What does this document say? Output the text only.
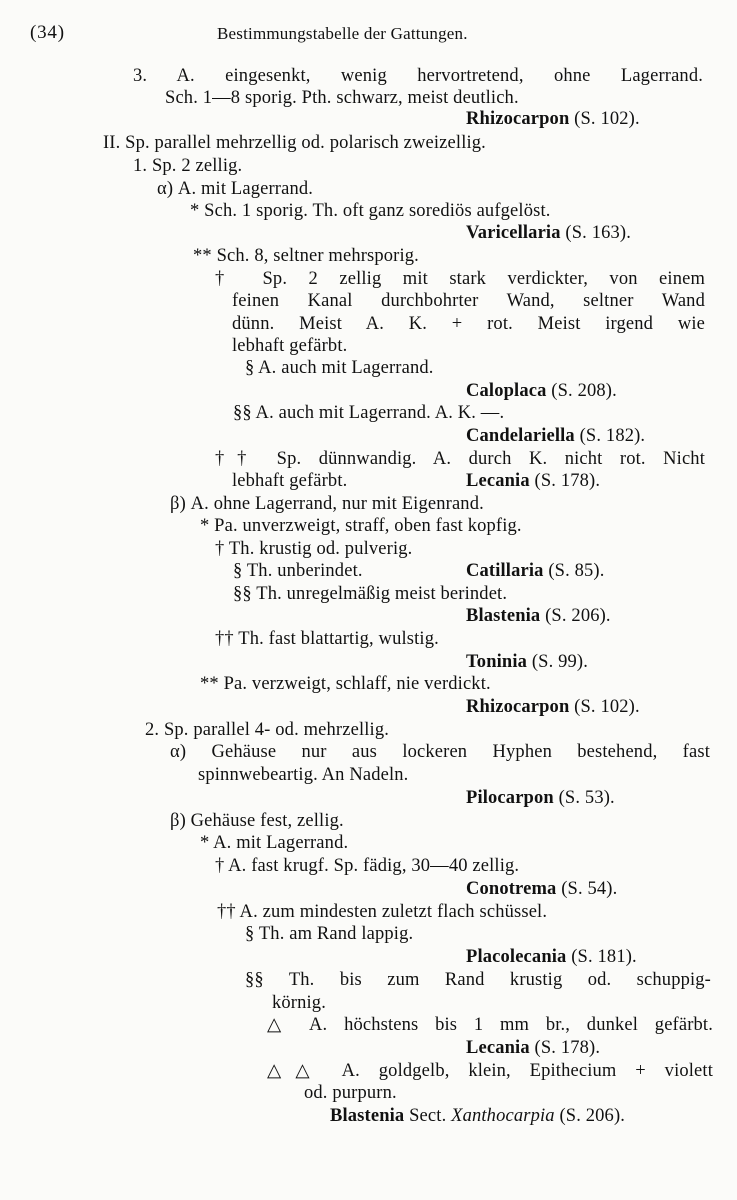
(34)	Bestimmungstabelle der Gattungen.
3. A. eingesenkt, wenig hervortretend, ohne Lagerrand.
Sch. 1—8 sporig. Pth. schwarz, meist deutlich.
Rhizocarpon (S. 102).
II. Sp. parallel mehrzellig od. polarisch zweizellig.
1. Sp. 2 zellig.
α) A. mit Lagerrand.
* Sch. 1 sporig. Th. oft ganz sorediös aufgelöst.
Varicellaria (S. 163).
** Sch. 8, seltner mehrsporig.
† Sp. 2 zellig mit stark verdickter, von einem
feinen Kanal durchbohrter Wand, seltner Wand
dünn. Meist A. K. + rot. Meist irgend wie
lebhaft gefärbt.
§ A. auch mit Lagerrand.
Caloplaca (S. 208).
§§ A. auch mit Lagerrand. A. K. —.
Candelariella (S. 182).
†† Sp. dünnwandig. A. durch K. nicht rot. Nicht
lebhaft gefärbt.	Lecania (S. 178).
β) A. ohne Lagerrand, nur mit Eigenrand.
* Pa. unverzweigt, straff, oben fast kopfig.
† Th. krustig od. pulverig.
§ Th. unberindet.	Catillaria (S. 85).
§§ Th. unregelmäßig meist berindet.
Blastenia (S. 206).
†† Th. fast blattartig, wulstig.
Toninia (S. 99).
** Pa. verzweigt, schlaff, nie verdickt.
Rhizocarpon (S. 102).
2. Sp. parallel 4- od. mehrzellig.
α) Gehäuse nur aus lockeren Hyphen bestehend, fast
spinnwebeartig. An Nadeln.
Pilocarpon (S. 53).
β) Gehäuse fest, zellig.
* A. mit Lagerrand.
† A. fast krugf. Sp. fädig, 30—40 zellig.
Conotrema (S. 54).
†† A. zum mindesten zuletzt flach schüssel.
§ Th. am Rand lappig.
Placolecania (S. 181).
§§ Th. bis zum Rand krustig od. schuppig-
körnig.
△ A. höchstens bis 1 mm br., dunkel gefärbt.
Lecania (S. 178).
△△ A. goldgelb, klein, Epithecium + violett
od. purpurn.
Blastenia Sect. Xanthocarpia (S. 206).
